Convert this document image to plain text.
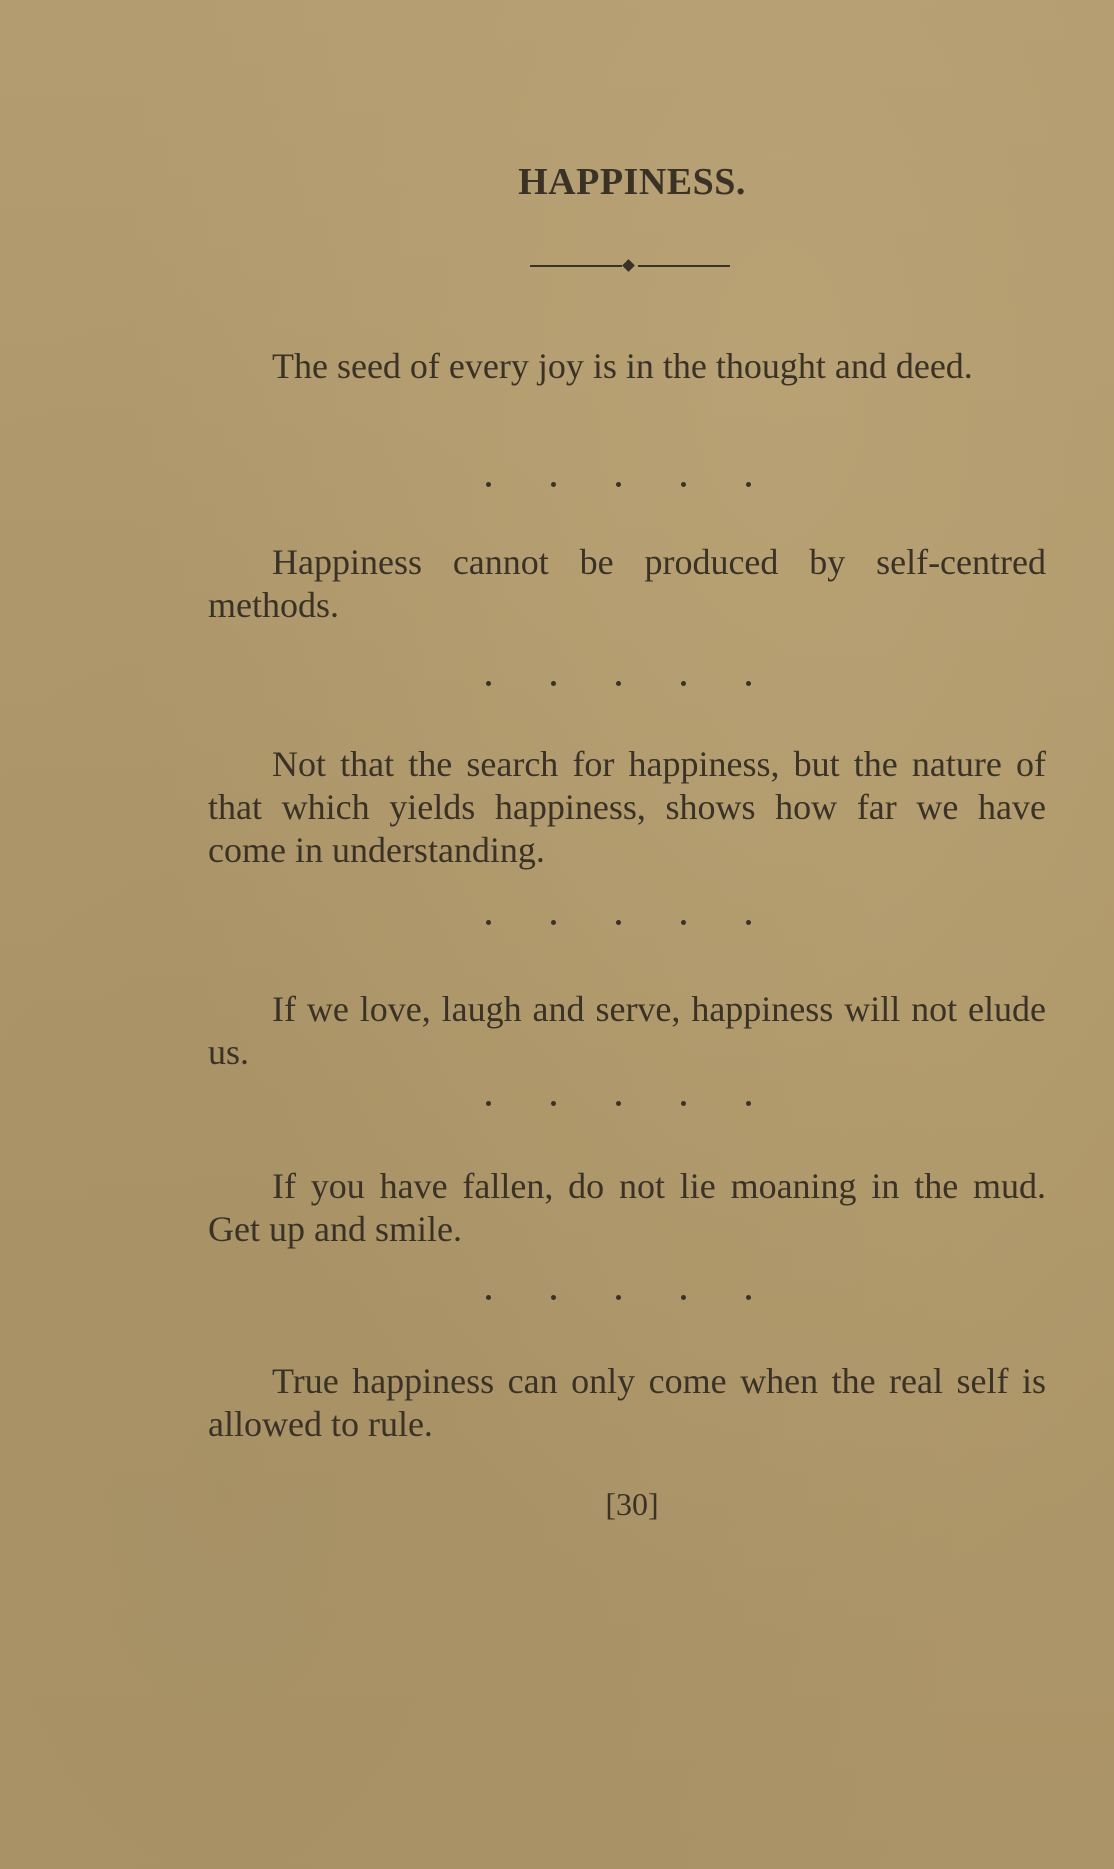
HAPPINESS.

The seed of every joy is in the thought and deed.

Happiness cannot be produced by self-centred methods.

Not that the search for happiness, but the nature of that which yields happiness, shows how far we have come in understanding.

If we love, laugh and serve, happiness will not elude us.

If you have fallen, do not lie moaning in the mud. Get up and smile.

True happiness can only come when the real self is allowed to rule.

[30]
